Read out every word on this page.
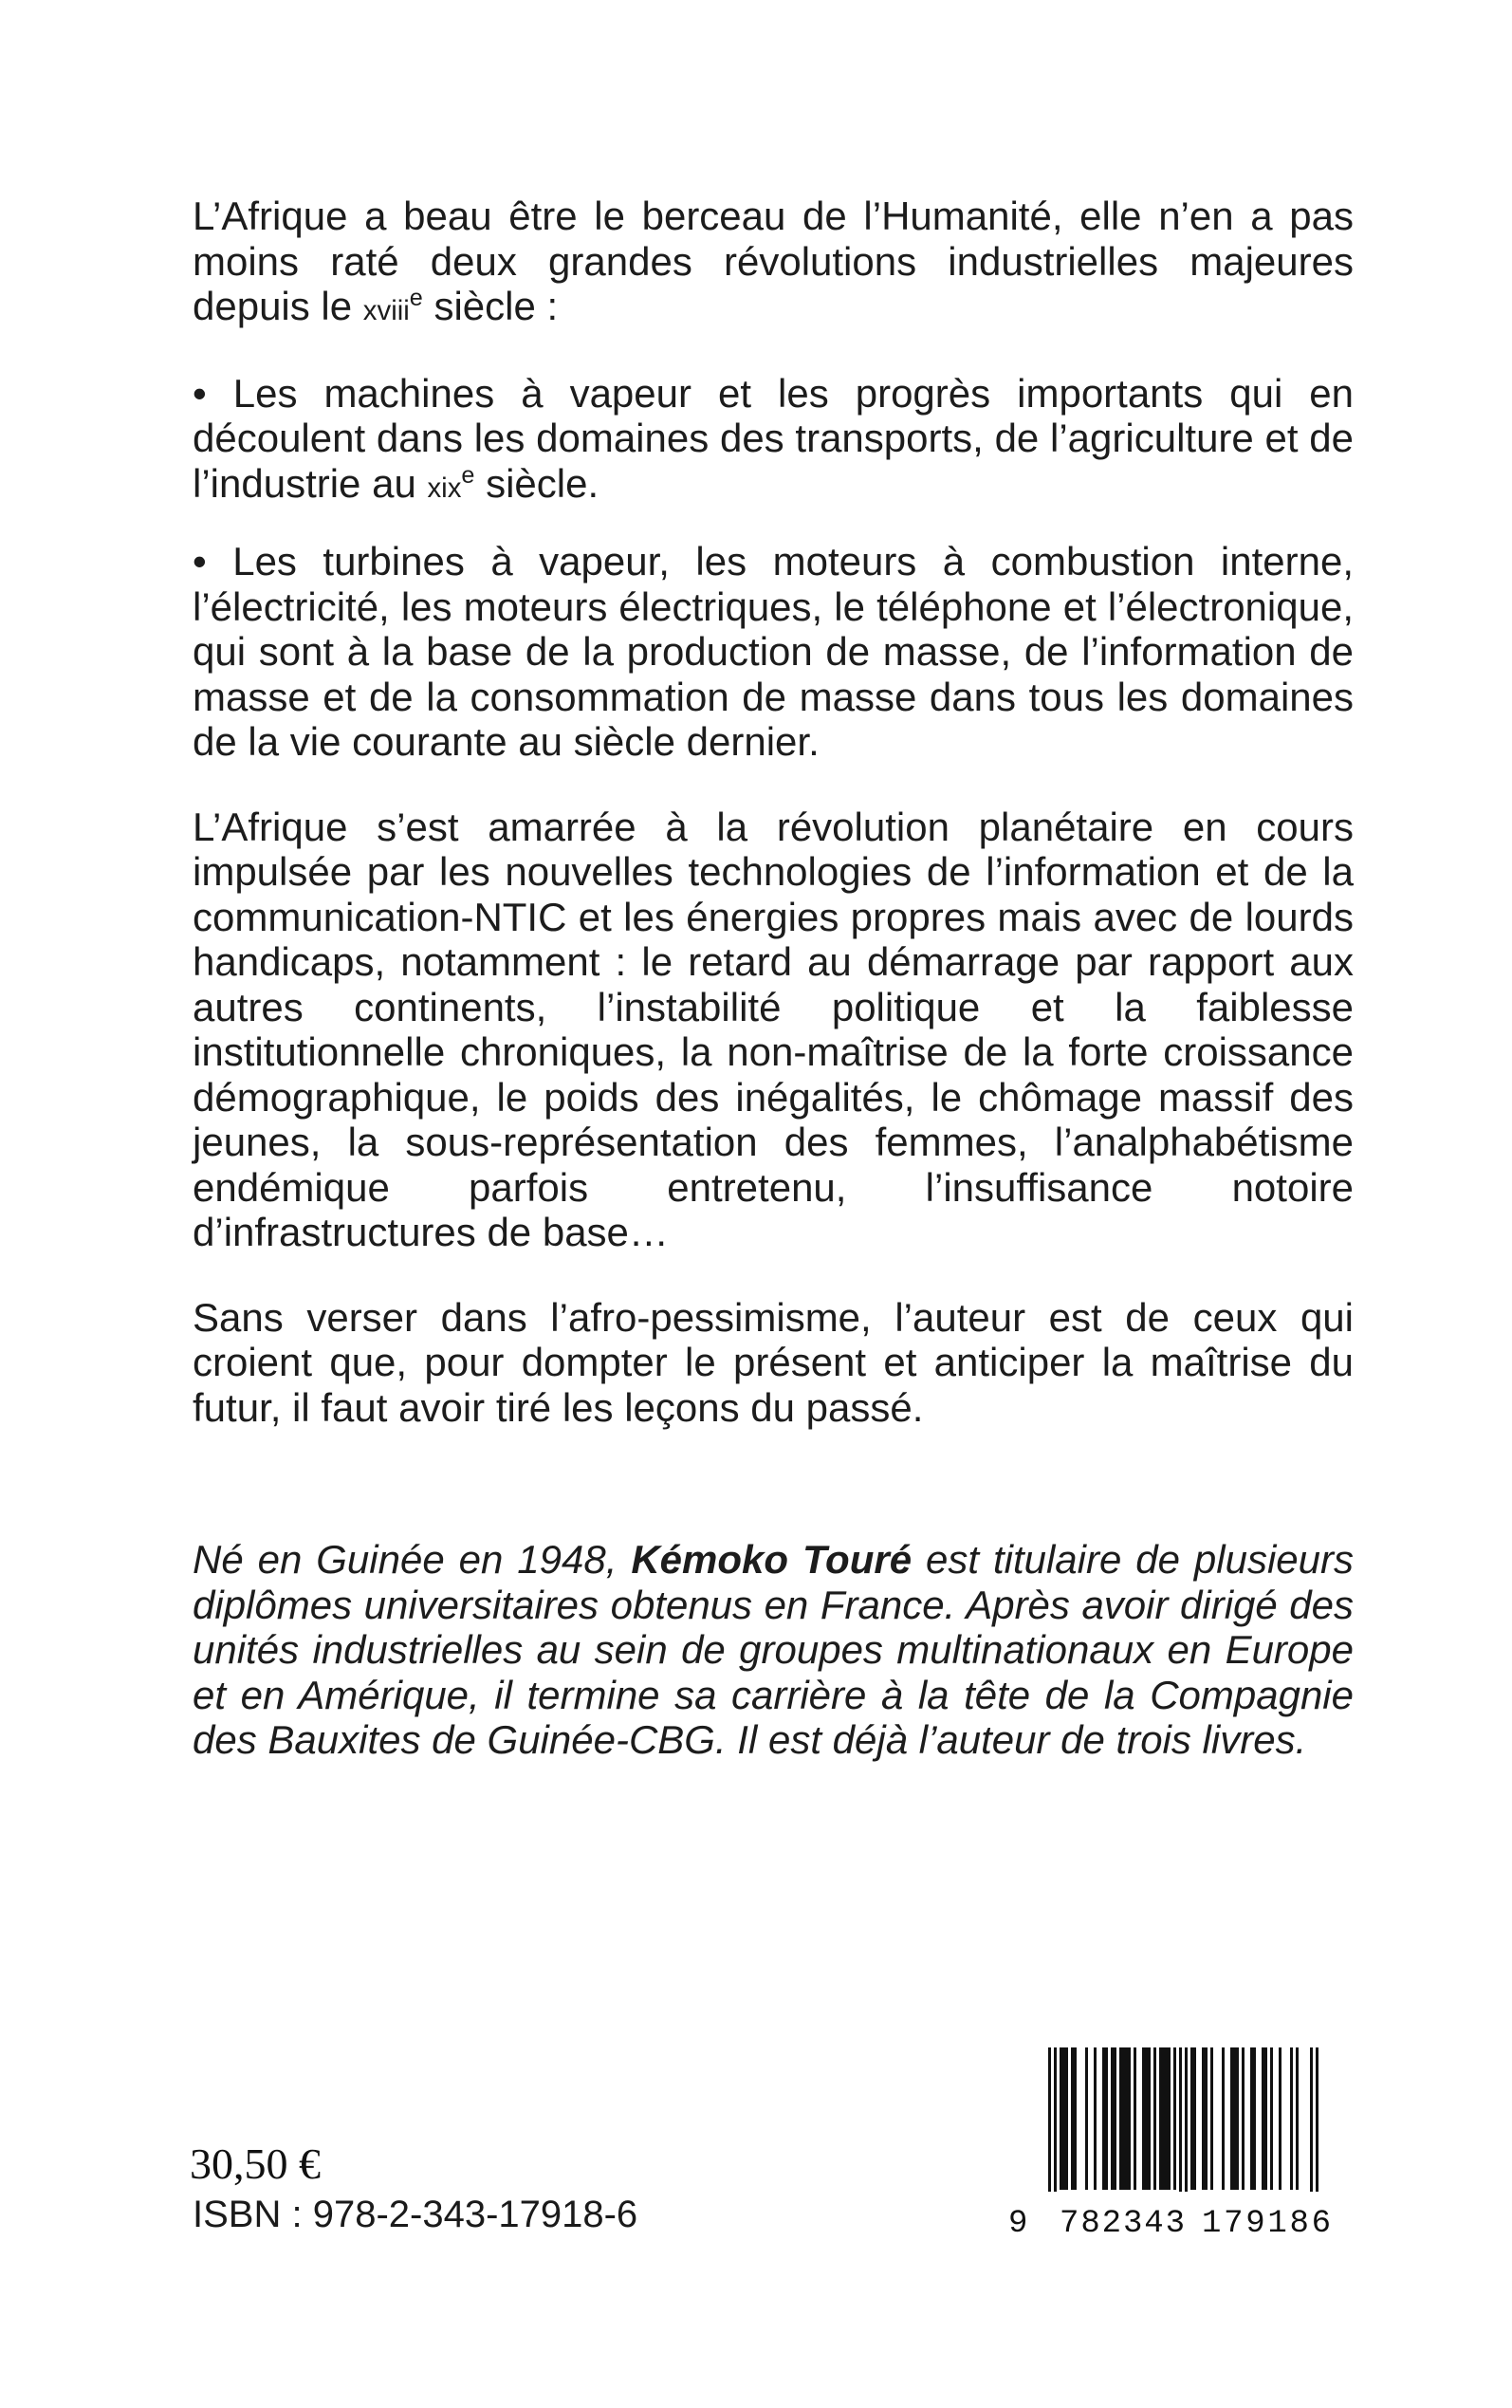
L’Afrique a beau être le berceau de l’Humanité, elle n’en a pas moins raté deux grandes révolutions industrielles majeures depuis le xviii$^e$ siècle :

• Les machines à vapeur et les progrès importants qui en découlent dans les domaines des transports, de l’agriculture et de l’industrie au xix$^e$ siècle.

• Les turbines à vapeur, les moteurs à combustion interne, l’électricité, les moteurs électriques, le téléphone et l’électronique, qui sont à la base de la production de masse, de l’information de masse et de la consommation de masse dans tous les domaines de la vie courante au siècle dernier.

L’Afrique s’est amarrée à la révolution planétaire en cours impulsée par les nouvelles technologies de l’information et de la communication-NTIC et les énergies propres mais avec de lourds handicaps, notamment : le retard au démarrage par rapport aux autres continents, l’instabilité politique et la faiblesse institutionnelle chroniques, la non-maîtrise de la forte croissance démographique, le poids des inégalités, le chômage massif des jeunes, la sous-représentation des femmes, l’analphabétisme endémique parfois entretenu, l’insuffisance notoire d’infrastructures de base…

Sans verser dans l’afro-pessimisme, l’auteur est de ceux qui croient que, pour dompter le présent et anticiper la maîtrise du futur, il faut avoir tiré les leçons du passé.

Né en Guinée en 1948, Kémoko Touré est titulaire de plusieurs diplômes universitaires obtenus en France. Après avoir dirigé des unités industrielles au sein de groupes multinationaux en Europe et en Amérique, il termine sa carrière à la tête de la Compagnie des Bauxites de Guinée-CBG. Il est déjà l’auteur de trois livres.

30,50 €
ISBN : 978-2-343-17918-6	9 782343 179186
